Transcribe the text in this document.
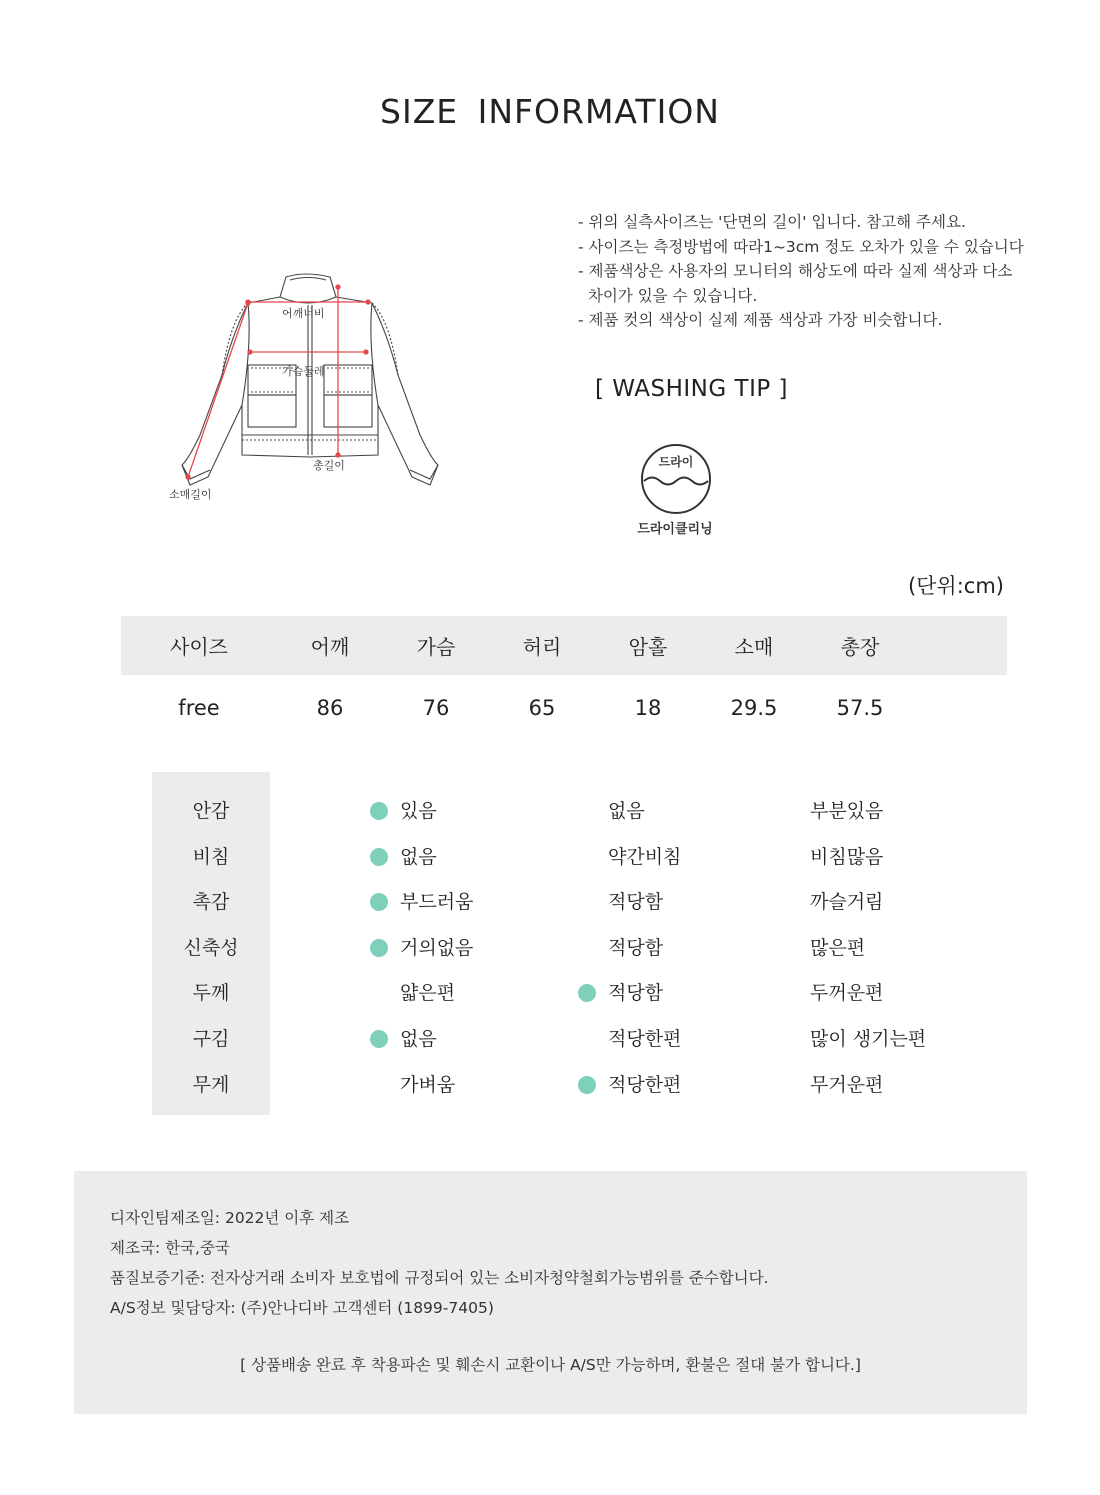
SIZE INFORMATION
어깨너비
가슴둘레
총길이
소매길이
- 위의 실측사이즈는 '단면의 길이' 입니다. 참고해 주세요.
- 사이즈는 측정방법에 따라1~3cm 정도 오차가 있을 수 있습니다
- 제품색상은 사용자의 모니터의 해상도에 따라 실제 색상과 다소
차이가 있을 수 있습니다.
- 제품 컷의 색상이 실제 제품 색상과 가장 비슷합니다.
[ WASHING TIP ]
드라이
드라이클리닝
(단위:cm)
사이즈	어깨	가슴	허리	암홀	소매	총장	
free	86	76	65	18	29.5	57.5	
안감	있음	없음	부분있음
비침	없음	약간비침	비침많음
촉감	부드러움	적당함	까슬거림
신축성	거의없음	적당함	많은편
두께	얇은편	적당함	두꺼운편
구김	없음	적당한편	많이 생기는편
무게	가벼움	적당한편	무거운편
디자인팀제조일: 2022년 이후 제조
제조국: 한국,중국
품질보증기준: 전자상거래 소비자 보호법에 규정되어 있는 소비자청약철회가능범위를 준수합니다.
A/S정보 및담당자: (주)안나디바 고객센터 (1899-7405)
[ 상품배송 완료 후 착용파손 및 훼손시 교환이나 A/S만 가능하며, 환불은 절대 불가 합니다.]
